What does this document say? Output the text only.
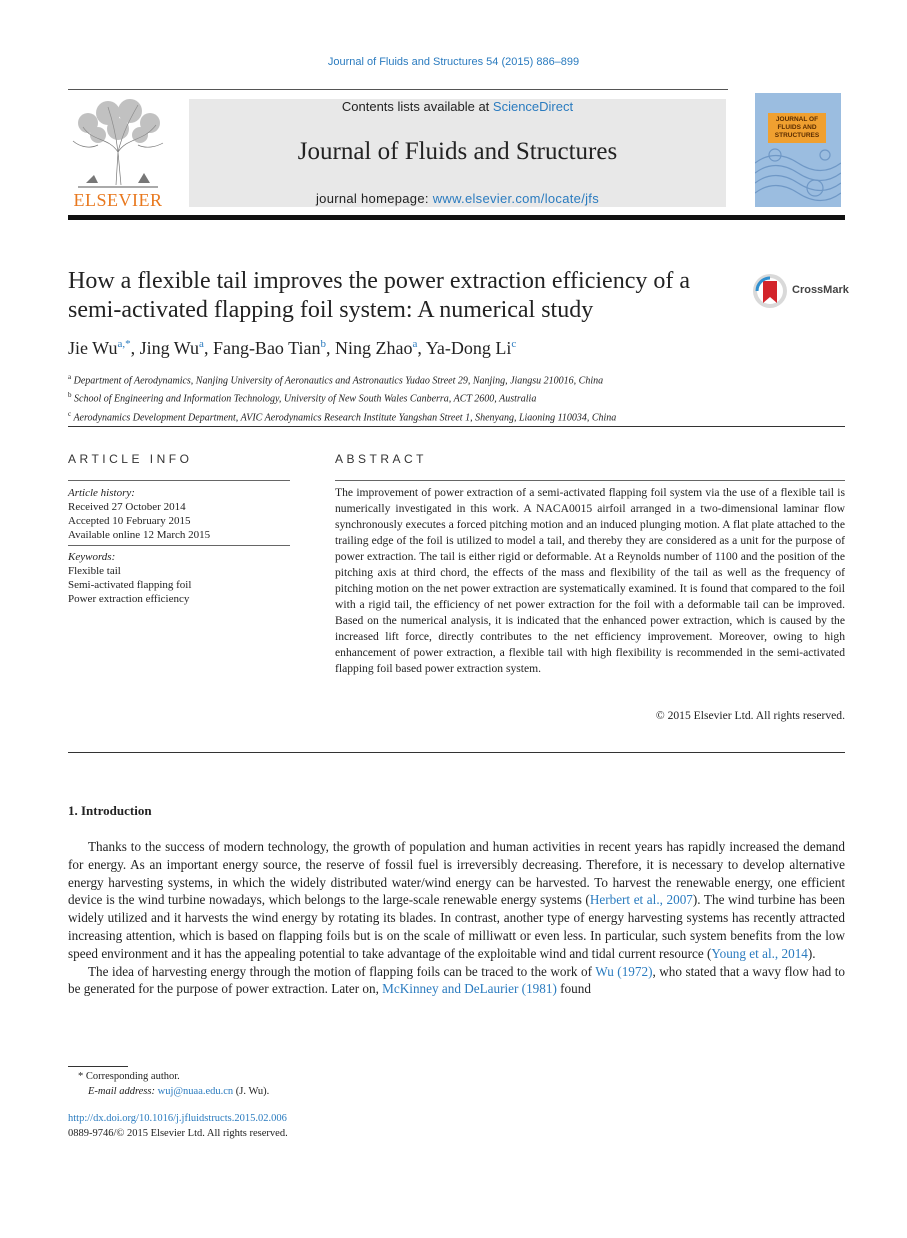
Journal of Fluids and Structures 54 (2015) 886–899
ELSEVIER
Contents lists available at ScienceDirect
Journal of Fluids and Structures
journal homepage: www.elsevier.com/locate/jfs
JOURNAL OF FLUIDS AND STRUCTURES
How a flexible tail improves the power extraction efficiency of a semi-activated flapping foil system: A numerical study
CrossMark
Jie $Wu^{a,*}$, Jing Wu$^a$, Fang-Bao Tian$^b$, Ning Zhao$^a$, Ya-Dong Li$^c$
$^a$ Department of Aerodynamics, Nanjing University of Aeronautics and Astronautics Yudao Street 29, Nanjing, Jiangsu 210016, China
$^b$ School of Engineering and Information Technology, University of New South Wales Canberra, ACT 2600, Australia
$^c$ Aerodynamics Development Department, AVIC Aerodynamics Research Institute Yangshan Street 1, Shenyang, Liaoning 110034, China
ARTICLE INFO
Article history:
Received 27 October 2014
Accepted 10 February 2015
Available online 12 March 2015
Keywords:
Flexible tail
Semi-activated flapping foil
Power extraction efficiency
ABSTRACT
The improvement of power extraction of a semi-activated flapping foil system via the use of a flexible tail is numerically investigated in this work. A NACA0015 airfoil arranged in a two-dimensional laminar flow synchronously executes a forced pitching motion and an induced plunging motion. A flat plate attached to the trailing edge of the foil is utilized to model a tail, and thereby they are considered as a unit for the purpose of power extraction. The tail is either rigid or deformable. At a Reynolds number of 1100 and the position of the pitching axis at third chord, the effects of the mass and flexibility of the tail as well as the frequency of pitching motion on the net power extraction are systematically examined. It is found that compared to the foil with a rigid tail, the efficiency of net power extraction for the foil with a deformable tail can be improved. Based on the numerical analysis, it is indicated that the enhanced power extraction, which is caused by the increased lift force, directly contributes to the net efficiency improvement. Moreover, owing to high enhancement of power extraction, a flexible tail with high flexibility is recommended in the semi-activated flapping foil based power extraction system.
© 2015 Elsevier Ltd. All rights reserved.
1. Introduction

Thanks to the success of modern technology, the growth of population and human activities in recent years has rapidly increased the demand for energy. As an important energy source, the reserve of fossil fuel is irreversibly decreasing. Therefore, it is necessary to develop alternative energy harvesting systems, in which the widely distributed water/wind energy can be harvested. To harvest the renewable energy, one efficient device is the wind turbine nowadays, which belongs to the large-scale renewable energy systems (Herbert et al., 2007). The wind turbine has been widely utilized and it harvests the wind energy by rotating its blades. In contrast, another type of energy harvesting systems has recently attracted increasing attention, which is based on flapping foils but is on the scale of milliwatt or even less. In particular, such system benefits from the low speed environment and it has the appealing potential to take advantage of the exploitable wind and tidal current resource (Young et al., 2014).

The idea of harvesting energy through the motion of flapping foils can be traced to the work of Wu (1972), who stated that a wavy flow had to be generated for the purpose of power extraction. Later on, McKinney and DeLaurier (1981) found

* Corresponding author.
E-mail address: wuj@nuaa.edu.cn (J. Wu).
http://dx.doi.org/10.1016/j.jfluidstructs.2015.02.006
0889-9746/© 2015 Elsevier Ltd. All rights reserved.
